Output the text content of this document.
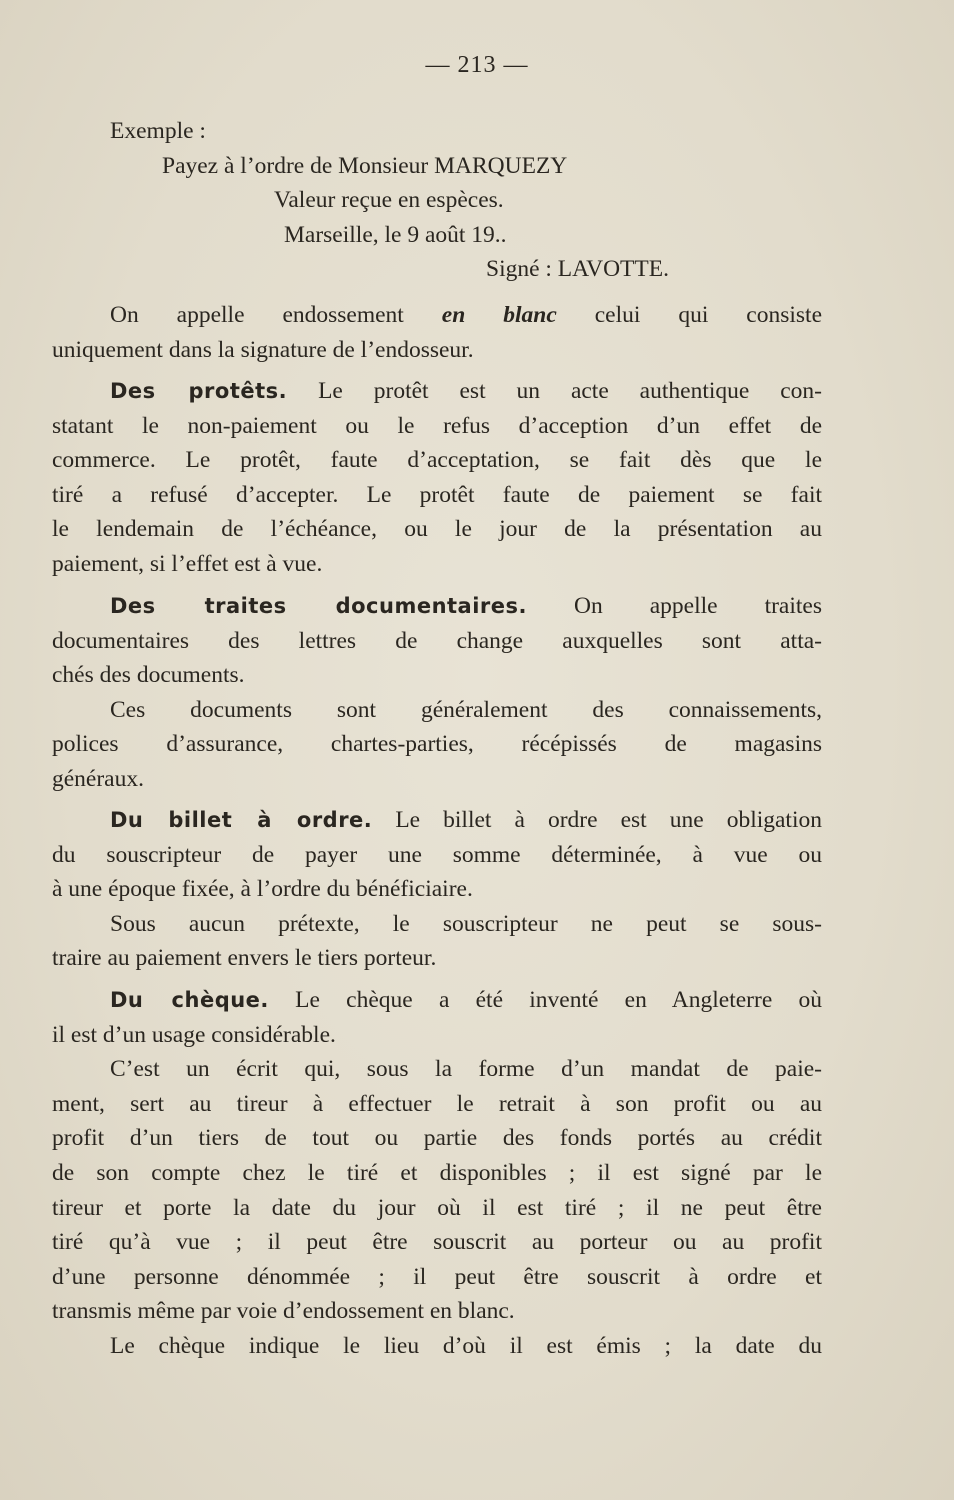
— 213 —
Exemple :
Payez à l’ordre de Monsieur MARQUEZY
Valeur reçue en espèces.
Marseille, le 9 août 19..
Signé : LAVOTTE.
On appelle endossement en blanc celui qui consiste
uniquement dans la signature de l’endosseur.
Des protêts. Le protêt est un acte authentique con-
statant le non-paiement ou le refus d’acception d’un effet de
commerce. Le protêt, faute d’acceptation, se fait dès que le
tiré a refusé d’accepter. Le protêt faute de paiement se fait
le lendemain de l’échéance, ou le jour de la présentation au
paiement, si l’effet est à vue.
Des traites documentaires. On appelle traites
documentaires des lettres de change auxquelles sont atta-
chés des documents.
Ces documents sont généralement des connaissements,
polices d’assurance, chartes-parties, récépissés de magasins
généraux.
Du billet à ordre. Le billet à ordre est une obligation
du souscripteur de payer une somme déterminée, à vue ou
à une époque fixée, à l’ordre du bénéficiaire.
Sous aucun prétexte, le souscripteur ne peut se sous-
traire au paiement envers le tiers porteur.
Du chèque. Le chèque a été inventé en Angleterre où
il est d’un usage considérable.
C’est un écrit qui, sous la forme d’un mandat de paie-
ment, sert au tireur à effectuer le retrait à son profit ou au
profit d’un tiers de tout ou partie des fonds portés au crédit
de son compte chez le tiré et disponibles ; il est signé par le
tireur et porte la date du jour où il est tiré ; il ne peut être
tiré qu’à vue ; il peut être souscrit au porteur ou au profit
d’une personne dénommée ; il peut être souscrit à ordre et
transmis même par voie d’endossement en blanc.
Le chèque indique le lieu d’où il est émis ; la date du
